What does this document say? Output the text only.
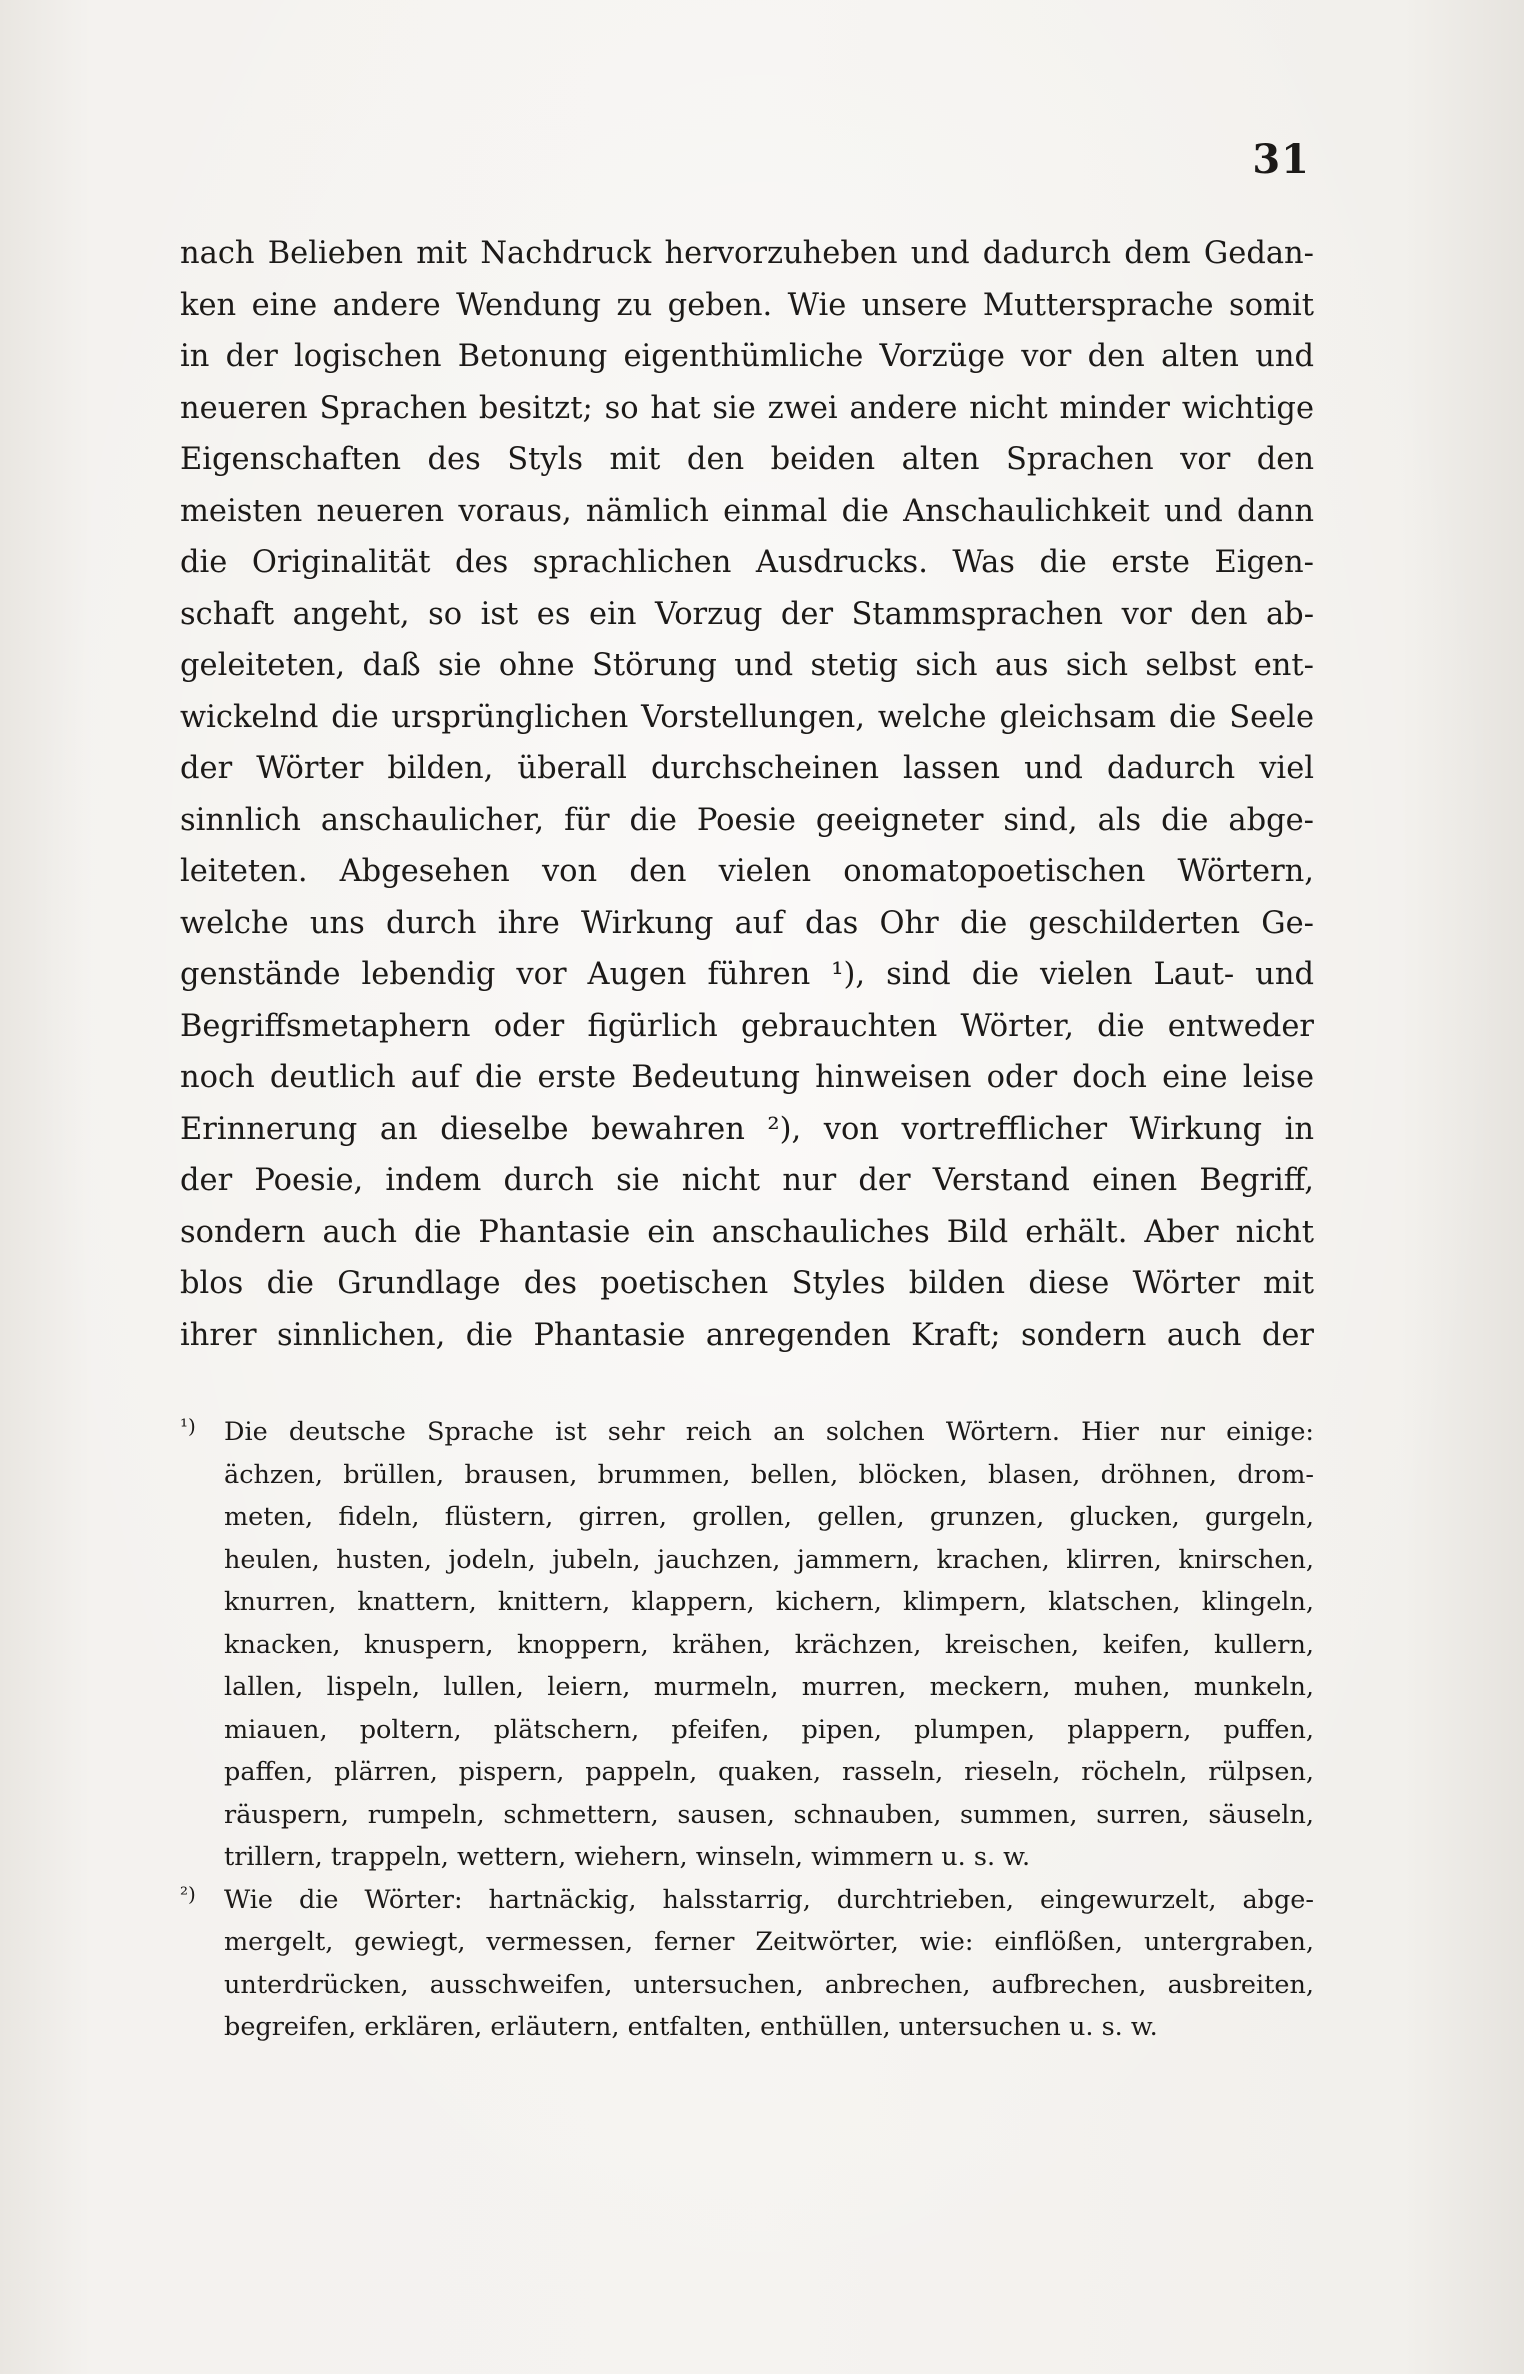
31
nach Belieben mit Nachdruck hervorzuheben und dadurch dem Gedan-
ken eine andere Wendung zu geben. Wie unsere Muttersprache somit
in der logischen Betonung eigenthümliche Vorzüge vor den alten und
neueren Sprachen besitzt; so hat sie zwei andere nicht minder wichtige
Eigenschaften des Styls mit den beiden alten Sprachen vor den
meisten neueren voraus, nämlich einmal die Anschaulichkeit und dann
die Originalität des sprachlichen Ausdrucks. Was die erste Eigen-
schaft angeht, so ist es ein Vorzug der Stammsprachen vor den ab-
geleiteten, daß sie ohne Störung und stetig sich aus sich selbst ent-
wickelnd die ursprünglichen Vorstellungen, welche gleichsam die Seele
der Wörter bilden, überall durchscheinen lassen und dadurch viel
sinnlich anschaulicher, für die Poesie geeigneter sind, als die abge-
leiteten. Abgesehen von den vielen onomatopoetischen Wörtern,
welche uns durch ihre Wirkung auf das Ohr die geschilderten Ge-
genstände lebendig vor Augen führen ¹), sind die vielen Laut- und
Begriffsmetaphern oder figürlich gebrauchten Wörter, die entweder
noch deutlich auf die erste Bedeutung hinweisen oder doch eine leise
Erinnerung an dieselbe bewahren ²), von vortrefflicher Wirkung in
der Poesie, indem durch sie nicht nur der Verstand einen Begriff,
sondern auch die Phantasie ein anschauliches Bild erhält. Aber nicht
blos die Grundlage des poetischen Styles bilden diese Wörter mit
ihrer sinnlichen, die Phantasie anregenden Kraft; sondern auch der
¹) Die deutsche Sprache ist sehr reich an solchen Wörtern. Hier nur einige:
ächzen, brüllen, brausen, brummen, bellen, blöcken, blasen, dröhnen, drom-
meten, fideln, flüstern, girren, grollen, gellen, grunzen, glucken, gurgeln,
heulen, husten, jodeln, jubeln, jauchzen, jammern, krachen, klirren, knirschen,
knurren, knattern, knittern, klappern, kichern, klimpern, klatschen, klingeln,
knacken, knuspern, knoppern, krähen, krächzen, kreischen, keifen, kullern,
lallen, lispeln, lullen, leiern, murmeln, murren, meckern, muhen, munkeln,
miauen, poltern, plätschern, pfeifen, pipen, plumpen, plappern, puffen,
paffen, plärren, pispern, pappeln, quaken, rasseln, rieseln, röcheln, rülpsen,
räuspern, rumpeln, schmettern, sausen, schnauben, summen, surren, säuseln,
trillern, trappeln, wettern, wiehern, winseln, wimmern u. s. w.
²) Wie die Wörter: hartnäckig, halsstarrig, durchtrieben, eingewurzelt, abge-
mergelt, gewiegt, vermessen, ferner Zeitwörter, wie: einflößen, untergraben,
unterdrücken, ausschweifen, untersuchen, anbrechen, aufbrechen, ausbreiten,
begreifen, erklären, erläutern, entfalten, enthüllen, untersuchen u. s. w.
